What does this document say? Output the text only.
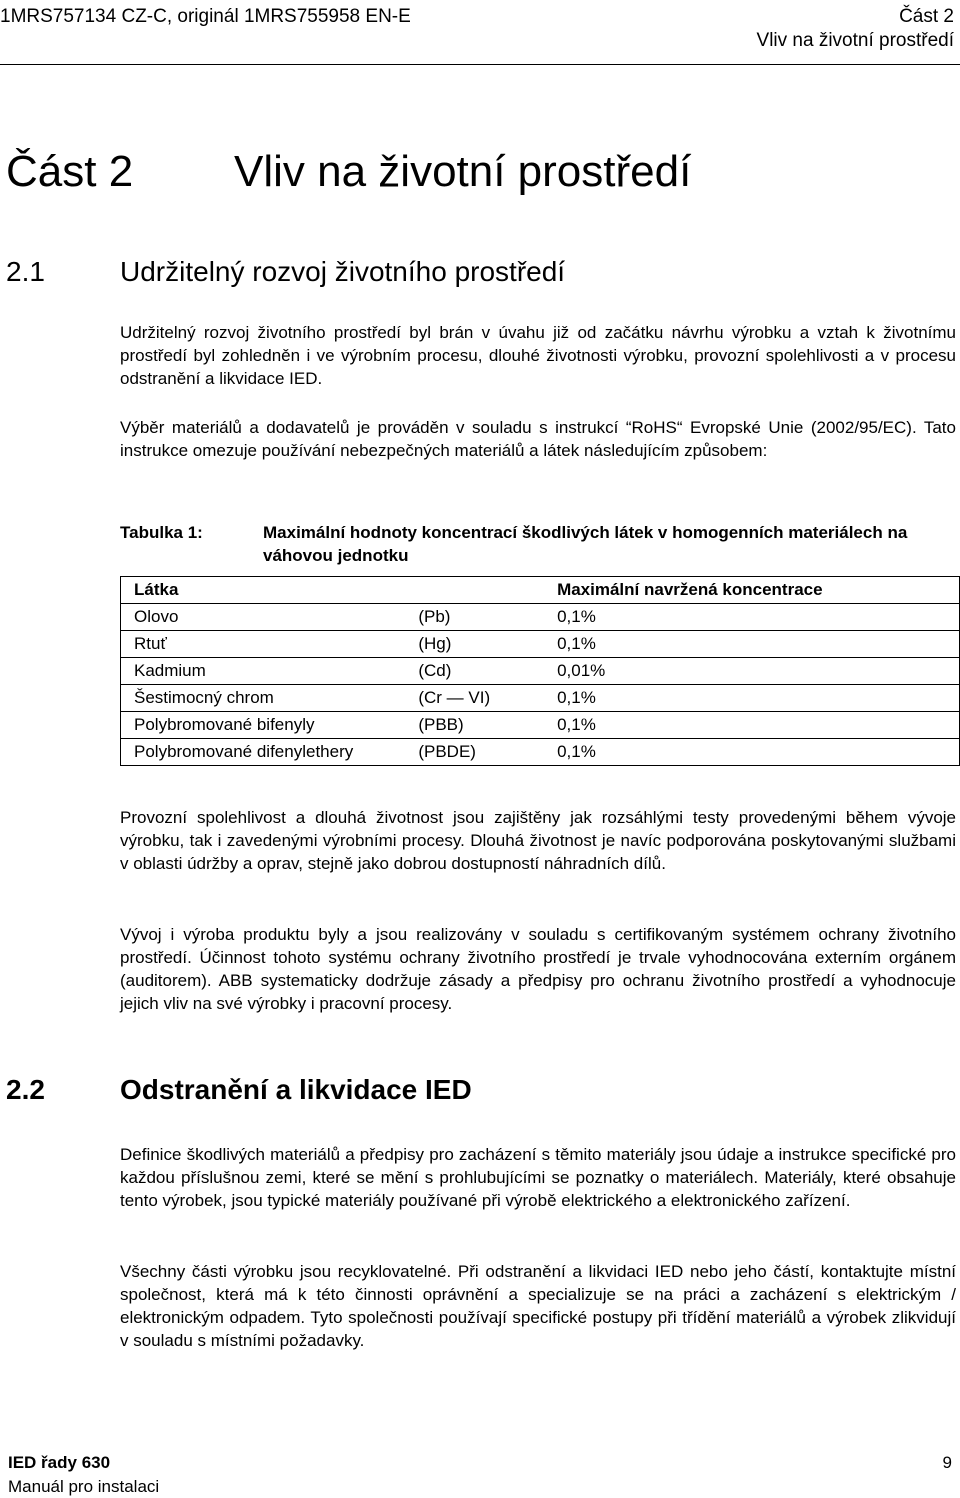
1MRS757134 CZ-C, originál 1MRS755958 EN-E	Část 2
Vliv na životní prostředí
Část 2 Vliv na životní prostředí
2.1	Udržitelný rozvoj životního prostředí
Udržitelný rozvoj životního prostředí byl brán v úvahu již od začátku návrhu výrobku a vztah k životnímu prostředí byl zohledněn i ve výrobním procesu, dlouhé životnosti výrobku, provozní spolehlivosti a v procesu odstranění a likvidace IED.
Výběr materiálů a dodavatelů je prováděn v souladu s instrukcí “RoHS“ Evropské Unie (2002/95/EC). Tato instrukce omezuje používání nebezpečných materiálů a látek následujícím způsobem:
Tabulka 1:	Maximální hodnoty koncentrací škodlivých látek v homogenních materiálech na váhovou jednotku
Látka		Maximální navržená koncentrace
Olovo	(Pb)	0,1%
Rtuť	(Hg)	0,1%
Kadmium	(Cd)	0,01%
Šestimocný chrom	(Cr — VI)	0,1%
Polybromované bifenyly	(PBB)	0,1%
Polybromované difenylethery	(PBDE)	0,1%
Provozní spolehlivost a dlouhá životnost jsou zajištěny jak rozsáhlými testy provedenými během vývoje výrobku, tak i zavedenými výrobními procesy. Dlouhá životnost je navíc podporována poskytovanými službami v oblasti údržby a oprav, stejně jako dobrou dostupností náhradních dílů.
Vývoj i výroba produktu byly a jsou realizovány v souladu s certifikovaným systémem ochrany životního prostředí. Účinnost tohoto systému ochrany životního prostředí je trvale vyhodnocována externím orgánem (auditorem). ABB systematicky dodržuje zásady a předpisy pro ochranu životního prostředí a vyhodnocuje jejich vliv na své výrobky i pracovní procesy.
2.2	Odstranění a likvidace IED
Definice škodlivých materiálů a předpisy pro zacházení s těmito materiály jsou údaje a instrukce specifické pro každou příslušnou zemi, které se mění s prohlubujícími se poznatky o materiálech. Materiály, které obsahuje tento výrobek, jsou typické materiály používané při výrobě elektrického a elektronického zařízení.
Všechny části výrobku jsou recyklovatelné. Při odstranění a likvidaci IED nebo jeho částí, kontaktujte místní společnost, která má k této činnosti oprávnění a specializuje se na práci a zacházení s elektrickým / elektronickým odpadem. Tyto společnosti používají specifické postupy při třídění materiálů a výrobek zlikvidují v souladu s místními požadavky.
IED řady 630
Manuál pro instalaci
9
